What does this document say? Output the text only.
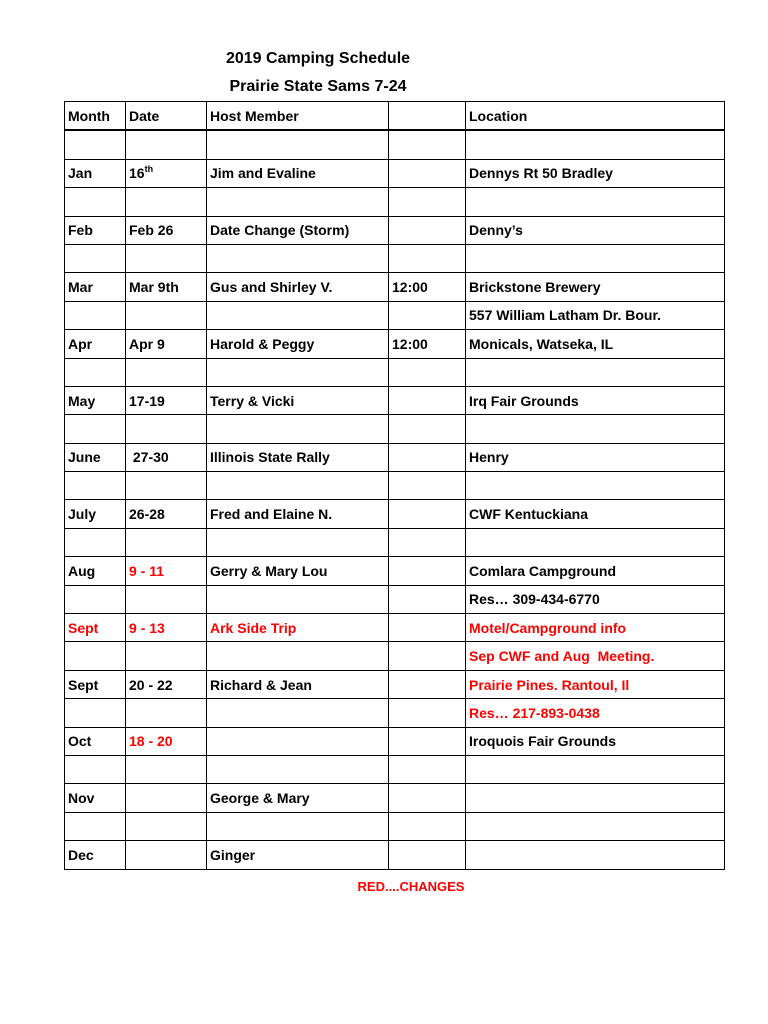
2019 Camping Schedule
Prairie State Sams 7-24
Month	Date	Host Member		Location

Jan	16th	Jim and Evaline		Dennys Rt 50 Bradley

Feb	Feb 26	Date Change (Storm)		Denny’s

Mar	Mar 9th	Gus and Shirley V.	12:00	Brickstone Brewery
				557 William Latham Dr. Bour.
Apr	Apr 9	Harold & Peggy	12:00	Monicals, Watseka, IL

May	17-19	Terry & Vicki		Irq Fair Grounds

June	27-30	Illinois State Rally		Henry

July	26-28	Fred and Elaine N.		CWF Kentuckiana

Aug	9 - 11	Gerry & Mary Lou		Comlara Campground
				Res… 309-434-6770
Sept	9 - 13	Ark Side Trip		Motel/Campground info
				Sep CWF and Aug  Meeting.
Sept	20 - 22	Richard & Jean		Prairie Pines. Rantoul, Il
				Res… 217-893-0438
Oct	18 - 20			Iroquois Fair Grounds

Nov		George & Mary		

Dec		Ginger		
RED....CHANGES
